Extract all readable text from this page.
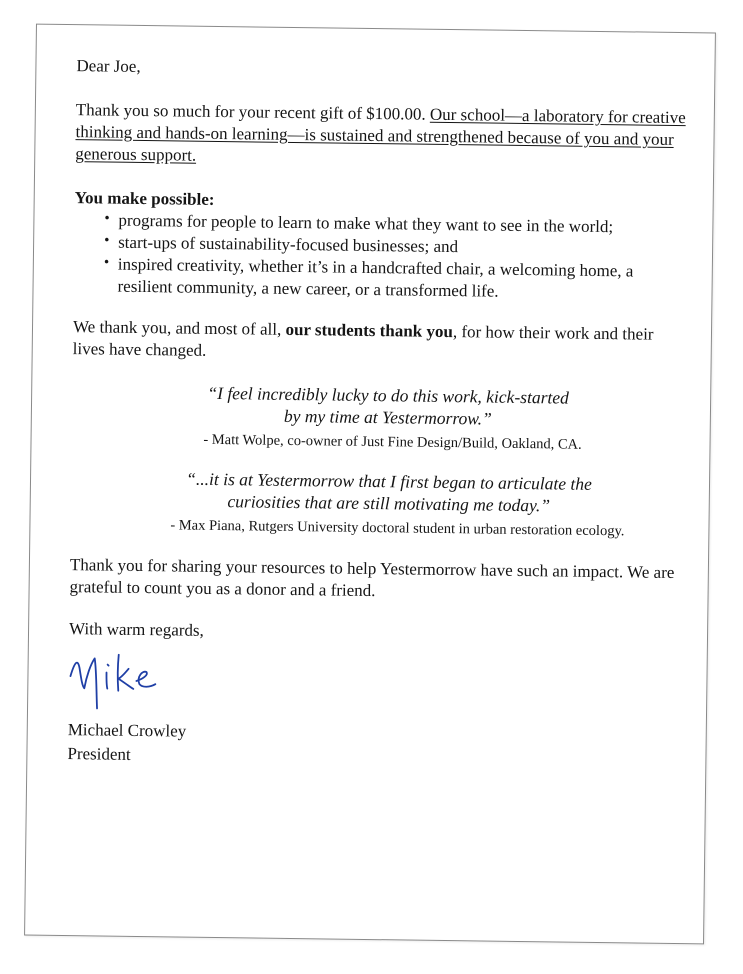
Dear Joe,

Thank you so much for your recent gift of $100.00. Our school—a laboratory for creative thinking and hands-on learning—is sustained and strengthened because of you and your generous support.

You make possible:

• programs for people to learn to make what they want to see in the world;
• start-ups of sustainability-focused businesses; and
• inspired creativity, whether it’s in a handcrafted chair, a welcoming home, a resilient community, a new career, or a transformed life.

We thank you, and most of all, our students thank you, for how their work and their lives have changed.

“I feel incredibly lucky to do this work, kick-started
by my time at Yestermorrow.”
- Matt Wolpe, co-owner of Just Fine Design/Build, Oakland, CA.
“...it is at Yestermorrow that I first began to articulate the
curiosities that are still motivating me today.”
- Max Piana, Rutgers University doctoral student in urban restoration ecology.

Thank you for sharing your resources to help Yestermorrow have such an impact. We are grateful to count you as a donor and a friend.

With warm regards,

Michael Crowley

President
